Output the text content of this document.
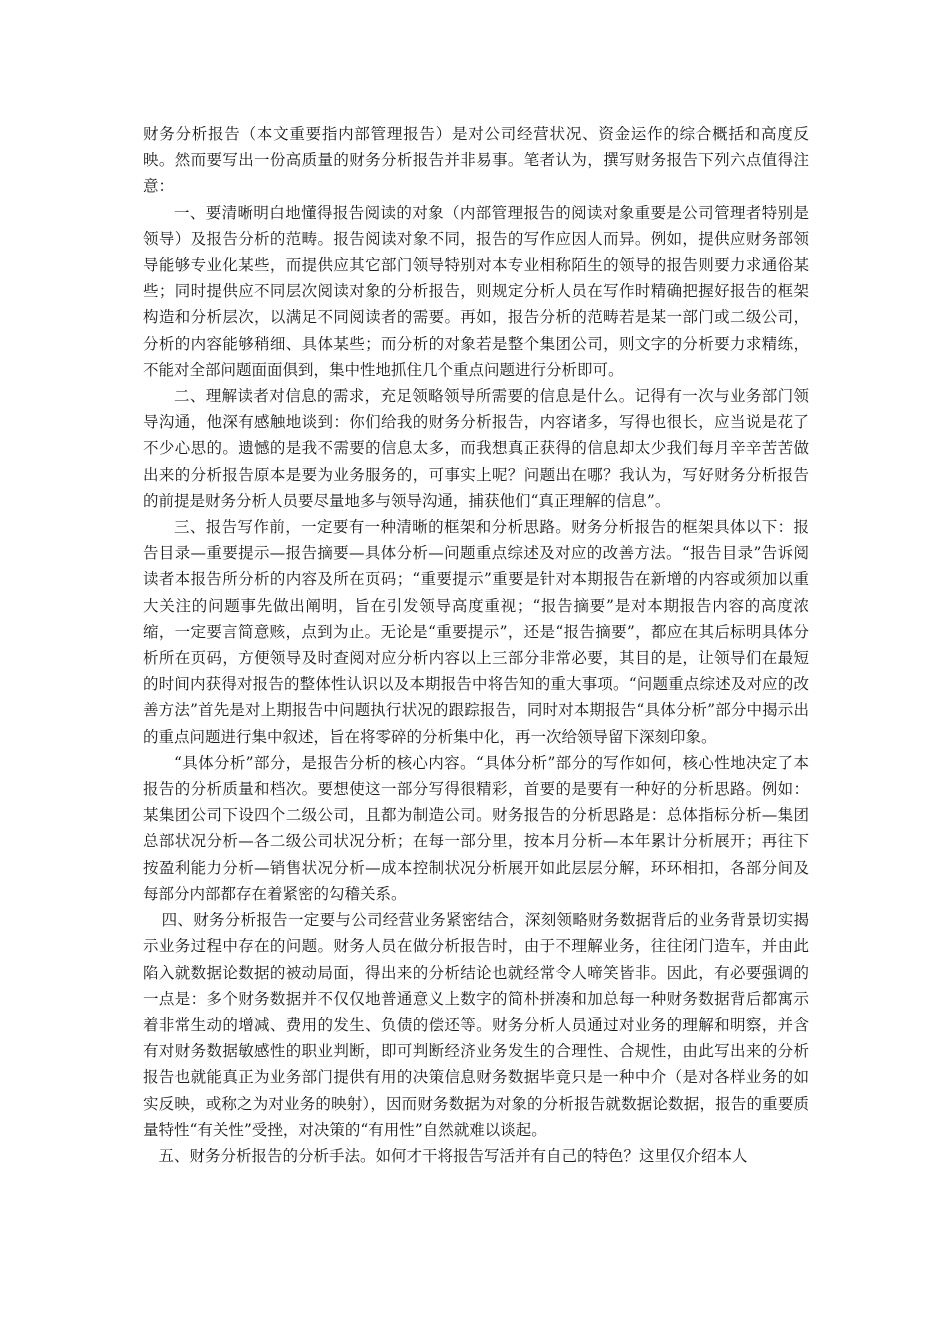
财务分析报告（本文重要指内部管理报告）是对公司经营状况、资金运作的综合概括和高度反映。然而要写出一份高质量的财务分析报告并非易事。笔者认为，撰写财务报告下列六点值得注意：

一、要清晰明白地懂得报告阅读的对象（内部管理报告的阅读对象重要是公司管理者特别是领导）及报告分析的范畴。报告阅读对象不同，报告的写作应因人而异。例如，提供应财务部领导能够专业化某些，而提供应其它部门领导特别对本专业相称陌生的领导的报告则要力求通俗某些；同时提供应不同层次阅读对象的分析报告，则规定分析人员在写作时精确把握好报告的框架构造和分析层次，以满足不同阅读者的需要。再如，报告分析的范畴若是某一部门或二级公司，分析的内容能够稍细、具体某些；而分析的对象若是整个集团公司，则文字的分析要力求精练，不能对全部问题面面俱到，集中性地抓住几个重点问题进行分析即可。

二、理解读者对信息的需求，充足领略领导所需要的信息是什么。记得有一次与业务部门领导沟通，他深有感触地谈到：你们给我的财务分析报告，内容诸多，写得也很长，应当说是花了不少心思的。遗憾的是我不需要的信息太多，而我想真正获得的信息却太少我们每月辛辛苦苦做出来的分析报告原本是要为业务服务的，可事实上呢？问题出在哪？我认为，写好财务分析报告的前提是财务分析人员要尽量地多与领导沟通，捕获他们“真正理解的信息”。

三、报告写作前，一定要有一种清晰的框架和分析思路。财务分析报告的框架具体以下：报告目录—重要提示—报告摘要—具体分析—问题重点综述及对应的改善方法。“报告目录”告诉阅读者本报告所分析的内容及所在页码；“重要提示”重要是针对本期报告在新增的内容或须加以重大关注的问题事先做出阐明，旨在引发领导高度重视；“报告摘要”是对本期报告内容的高度浓缩，一定要言简意赅，点到为止。无论是“重要提示”，还是“报告摘要”，都应在其后标明具体分析所在页码，方便领导及时查阅对应分析内容以上三部分非常必要，其目的是，让领导们在最短的时间内获得对报告的整体性认识以及本期报告中将告知的重大事项。“问题重点综述及对应的改善方法”首先是对上期报告中问题执行状况的跟踪报告，同时对本期报告“具体分析”部分中揭示出的重点问题进行集中叙述，旨在将零碎的分析集中化，再一次给领导留下深刻印象。

“具体分析”部分，是报告分析的核心内容。“具体分析”部分的写作如何，核心性地决定了本报告的分析质量和档次。要想使这一部分写得很精彩，首要的是要有一种好的分析思路。例如：某集团公司下设四个二级公司，且都为制造公司。财务报告的分析思路是：总体指标分析—集团总部状况分析—各二级公司状况分析；在每一部分里，按本月分析—本年累计分析展开；再往下按盈利能力分析—销售状况分析—成本控制状况分析展开如此层层分解，环环相扣，各部分间及每部分内部都存在着紧密的勾稽关系。

四、财务分析报告一定要与公司经营业务紧密结合，深刻领略财务数据背后的业务背景切实揭示业务过程中存在的问题。财务人员在做分析报告时，由于不理解业务，往往闭门造车，并由此陷入就数据论数据的被动局面，得出来的分析结论也就经常令人啼笑皆非。因此，有必要强调的一点是：多个财务数据并不仅仅地普通意义上数字的简朴拼凑和加总每一种财务数据背后都寓示着非常生动的增减、费用的发生、负债的偿还等。财务分析人员通过对业务的理解和明察，并含有对财务数据敏感性的职业判断，即可判断经济业务发生的合理性、合规性，由此写出来的分析报告也就能真正为业务部门提供有用的决策信息财务数据毕竟只是一种中介（是对各样业务的如实反映，或称之为对业务的映射），因而财务数据为对象的分析报告就数据论数据，报告的重要质量特性“有关性”受挫，对决策的“有用性”自然就难以谈起。

五、财务分析报告的分析手法。如何才干将报告写活并有自己的特色？这里仅介绍本人
